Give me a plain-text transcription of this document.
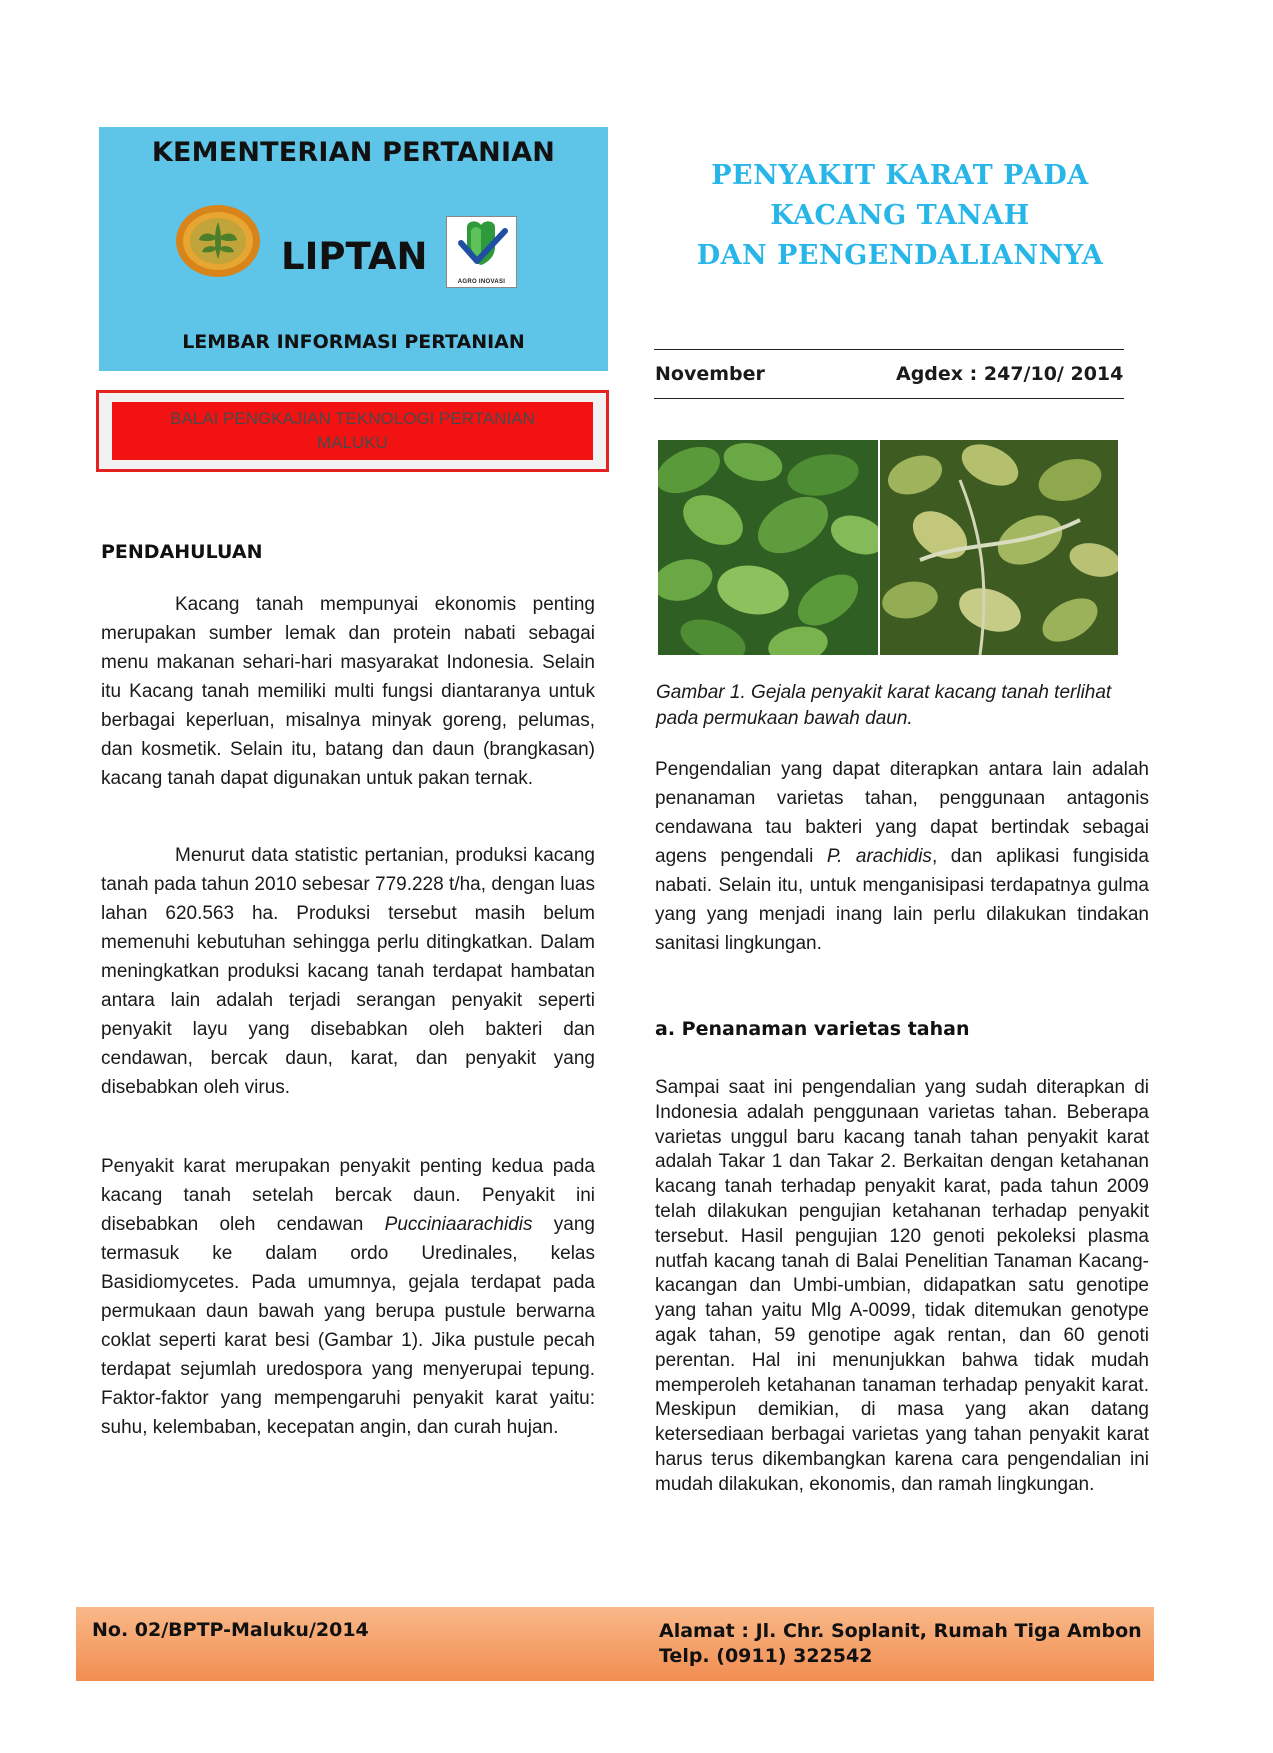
KEMENTERIAN PERTANIAN
LIPTAN
AGRO INOVASI
LEMBAR INFORMASI PERTANIAN
BALAI PENGKAJIAN TEKNOLOGI PERTANIAN MALUKU
PENYAKIT KARAT PADA
KACANG TANAH
DAN PENGENDALIANNYA
November	Agdex : 247/10/ 2014
Gambar 1. Gejala penyakit karat kacang tanah terlihat pada permukaan bawah daun.
PENDAHULUAN

Kacang tanah mempunyai ekonomis penting merupakan sumber lemak dan protein nabati sebagai menu makanan sehari-hari masyarakat Indonesia. Selain itu Kacang tanah memiliki multi fungsi diantaranya untuk berbagai keperluan, misalnya minyak goreng, pelumas, dan kosmetik. Selain itu, batang dan daun (brangkasan) kacang tanah dapat digunakan untuk pakan ternak.

Menurut data statistic pertanian, produksi kacang tanah pada tahun 2010 sebesar 779.228 t/ha, dengan luas lahan 620.563 ha. Produksi tersebut masih belum memenuhi kebutuhan sehingga perlu ditingkatkan. Dalam meningkatkan produksi kacang tanah terdapat hambatan antara lain adalah terjadi serangan penyakit seperti penyakit layu yang disebabkan oleh bakteri dan cendawan, bercak daun, karat, dan penyakit yang disebabkan oleh virus.

Penyakit karat merupakan penyakit penting kedua pada kacang tanah setelah bercak daun. Penyakit ini disebabkan oleh cendawan Pucciniaarachidis yang termasuk ke dalam ordo Uredinales, kelas Basidiomycetes. Pada umumnya, gejala terdapat pada permukaan daun bawah yang berupa pustule berwarna coklat seperti karat besi (Gambar 1). Jika pustule pecah terdapat sejumlah uredospora yang menyerupai tepung. Faktor-faktor yang mempengaruhi penyakit karat yaitu: suhu, kelembaban, kecepatan angin, dan curah hujan.

Pengendalian yang dapat diterapkan antara lain adalah penanaman varietas tahan, penggunaan antagonis cendawana tau bakteri yang dapat bertindak sebagai agens pengendali P. arachidis, dan aplikasi fungisida nabati. Selain itu, untuk menganisipasi terdapatnya gulma yang yang menjadi inang lain perlu dilakukan tindakan sanitasi lingkungan.

a. Penanaman varietas tahan

Sampai saat ini pengendalian yang sudah diterapkan di Indonesia adalah penggunaan varietas tahan. Beberapa varietas unggul baru kacang tanah tahan penyakit karat adalah Takar 1 dan Takar 2. Berkaitan dengan ketahanan kacang tanah terhadap penyakit karat, pada tahun 2009 telah dilakukan pengujian ketahanan terhadap penyakit tersebut. Hasil pengujian 120 genoti pekoleksi plasma nutfah kacang tanah di Balai Penelitian Tanaman Kacang-kacangan dan Umbi-umbian, didapatkan satu genotipe yang tahan yaitu Mlg A-0099, tidak ditemukan genotype agak tahan, 59 genotipe agak rentan, dan 60 genoti perentan. Hal ini menunjukkan bahwa tidak mudah memperoleh ketahanan tanaman terhadap penyakit karat. Meskipun demikian, di masa yang akan datang ketersediaan berbagai varietas yang tahan penyakit karat harus terus dikembangkan karena cara pengendalian ini mudah dilakukan, ekonomis, dan ramah lingkungan.

No. 02/BPTP-Maluku/2014	Alamat : Jl. Chr. Soplanit, Rumah Tiga Ambon
Telp. (0911) 322542
